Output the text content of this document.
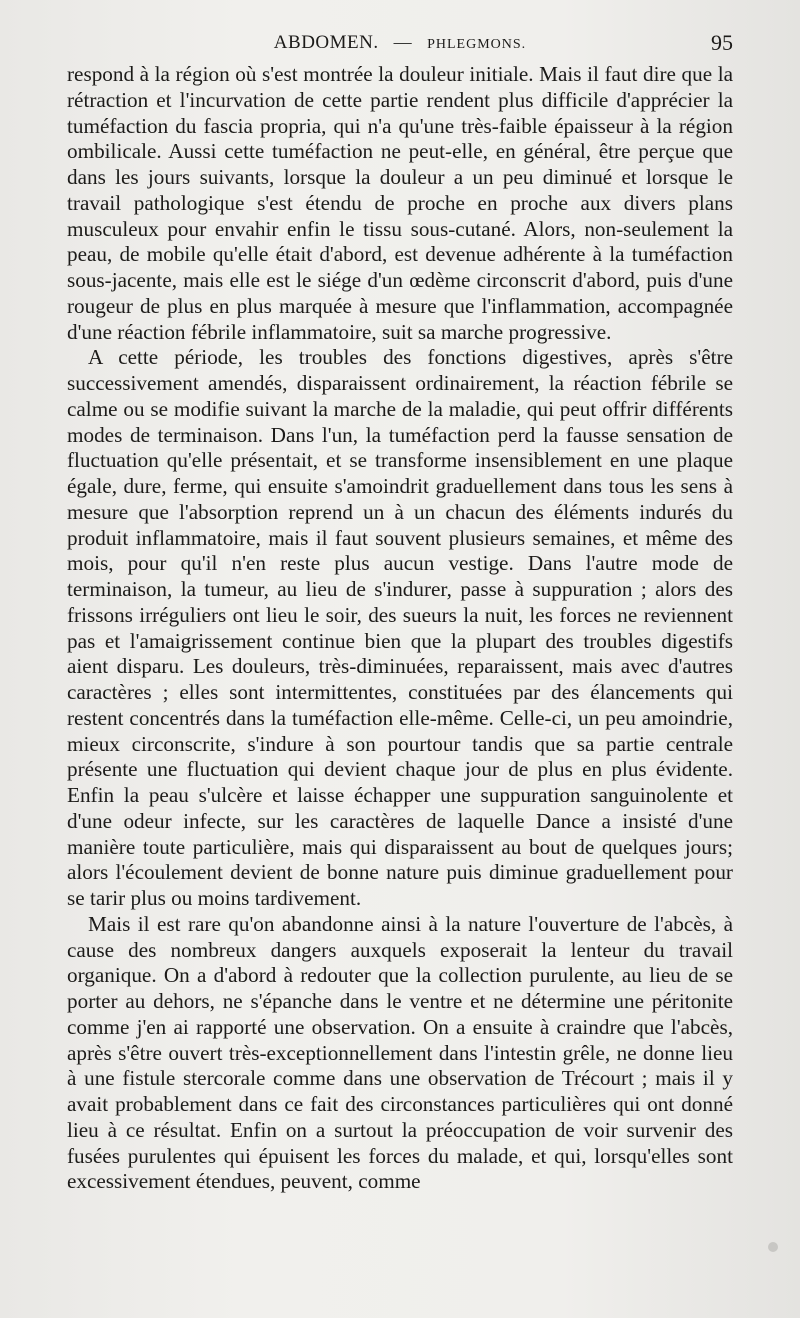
ABDOMEN.   —   PHLEGMONS.	95

respond à la région où s'est montrée la douleur initiale. Mais il faut dire que la rétraction et l'incurvation de cette partie rendent plus difficile d'apprécier la tuméfaction du fascia propria, qui n'a qu'une très-faible épaisseur à la région ombilicale. Aussi cette tuméfaction ne peut-elle, en général, être perçue que dans les jours suivants, lorsque la douleur a un peu diminué et lorsque le travail pathologique s'est étendu de proche en proche aux divers plans musculeux pour envahir enfin le tissu sous-cutané. Alors, non-seulement la peau, de mobile qu'elle était d'abord, est devenue adhérente à la tuméfaction sous-jacente, mais elle est le siége d'un œdème circonscrit d'abord, puis d'une rougeur de plus en plus marquée à mesure que l'inflammation, accompagnée d'une réaction fébrile inflammatoire, suit sa marche progressive.

A cette période, les troubles des fonctions digestives, après s'être successivement amendés, disparaissent ordinairement, la réaction fébrile se calme ou se modifie suivant la marche de la maladie, qui peut offrir différents modes de terminaison. Dans l'un, la tuméfaction perd la fausse sensation de fluctuation qu'elle présentait, et se transforme insensiblement en une plaque égale, dure, ferme, qui ensuite s'amoindrit graduellement dans tous les sens à mesure que l'absorption reprend un à un chacun des éléments indurés du produit inflammatoire, mais il faut souvent plusieurs semaines, et même des mois, pour qu'il n'en reste plus aucun vestige. Dans l'autre mode de terminaison, la tumeur, au lieu de s'indurer, passe à suppuration ; alors des frissons irréguliers ont lieu le soir, des sueurs la nuit, les forces ne reviennent pas et l'amaigrissement continue bien que la plupart des troubles digestifs aient disparu. Les douleurs, très-diminuées, reparaissent, mais avec d'autres caractères ; elles sont intermittentes, constituées par des élancements qui restent concentrés dans la tuméfaction elle-même. Celle-ci, un peu amoindrie, mieux circonscrite, s'indure à son pourtour tandis que sa partie centrale présente une fluctuation qui devient chaque jour de plus en plus évidente. Enfin la peau s'ulcère et laisse échapper une suppuration sanguinolente et d'une odeur infecte, sur les caractères de laquelle Dance a insisté d'une manière toute particulière, mais qui disparaissent au bout de quelques jours; alors l'écoulement devient de bonne nature puis diminue graduellement pour se tarir plus ou moins tardivement.

Mais il est rare qu'on abandonne ainsi à la nature l'ouverture de l'abcès, à cause des nombreux dangers auxquels exposerait la lenteur du travail organique. On a d'abord à redouter que la collection purulente, au lieu de se porter au dehors, ne s'épanche dans le ventre et ne détermine une péritonite comme j'en ai rapporté une observation. On a ensuite à craindre que l'abcès, après s'être ouvert très-exceptionnellement dans l'intestin grêle, ne donne lieu à une fistule stercorale comme dans une observation de Trécourt ; mais il y avait probablement dans ce fait des circonstances particulières qui ont donné lieu à ce résultat. Enfin on a surtout la préoccupation de voir survenir des fusées purulentes qui épuisent les forces du malade, et qui, lorsqu'elles sont excessivement étendues, peuvent, comme
